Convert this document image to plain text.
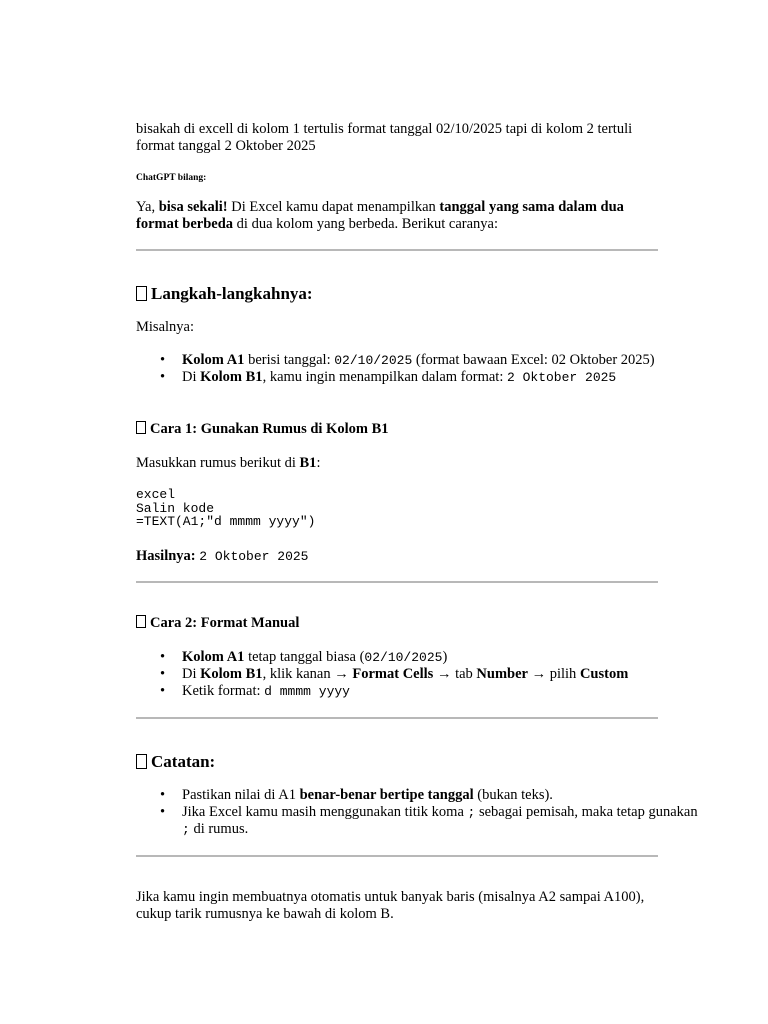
bisakah di excell di kolom 1 tertulis format tanggal 02/10/2025 tapi di kolom 2 tertuli format tanggal 2 Oktober 2025

ChatGPT bilang:

Ya, bisa sekali! Di Excel kamu dapat menampilkan tanggal yang sama dalam dua format berbeda di dua kolom yang berbeda. Berikut caranya:

Langkah-langkahnya:

Misalnya:

• Kolom A1 berisi tanggal: 02/10/2025 (format bawaan Excel: 02 Oktober 2025)
• Di Kolom B1, kamu ingin menampilkan dalam format: 2 Oktober 2025
Cara 1: Gunakan Rumus di Kolom B1

Masukkan rumus berikut di B1:

excel
Salin kode
=TEXT(A1;"d mmmm yyyy")

Hasilnya: 2 Oktober 2025

Cara 2: Format Manual
• Kolom A1 tetap tanggal biasa (02/10/2025)
• Di Kolom B1, klik kanan → Format Cells → tab Number → pilih Custom
• Ketik format: d mmmm yyyy
Catatan:
• Pastikan nilai di A1 benar-benar bertipe tanggal (bukan teks).
• Jika Excel kamu masih menggunakan titik koma ; sebagai pemisah, maka tetap gunakan ; di rumus.

Jika kamu ingin membuatnya otomatis untuk banyak baris (misalnya A2 sampai A100), cukup tarik rumusnya ke bawah di kolom B.
